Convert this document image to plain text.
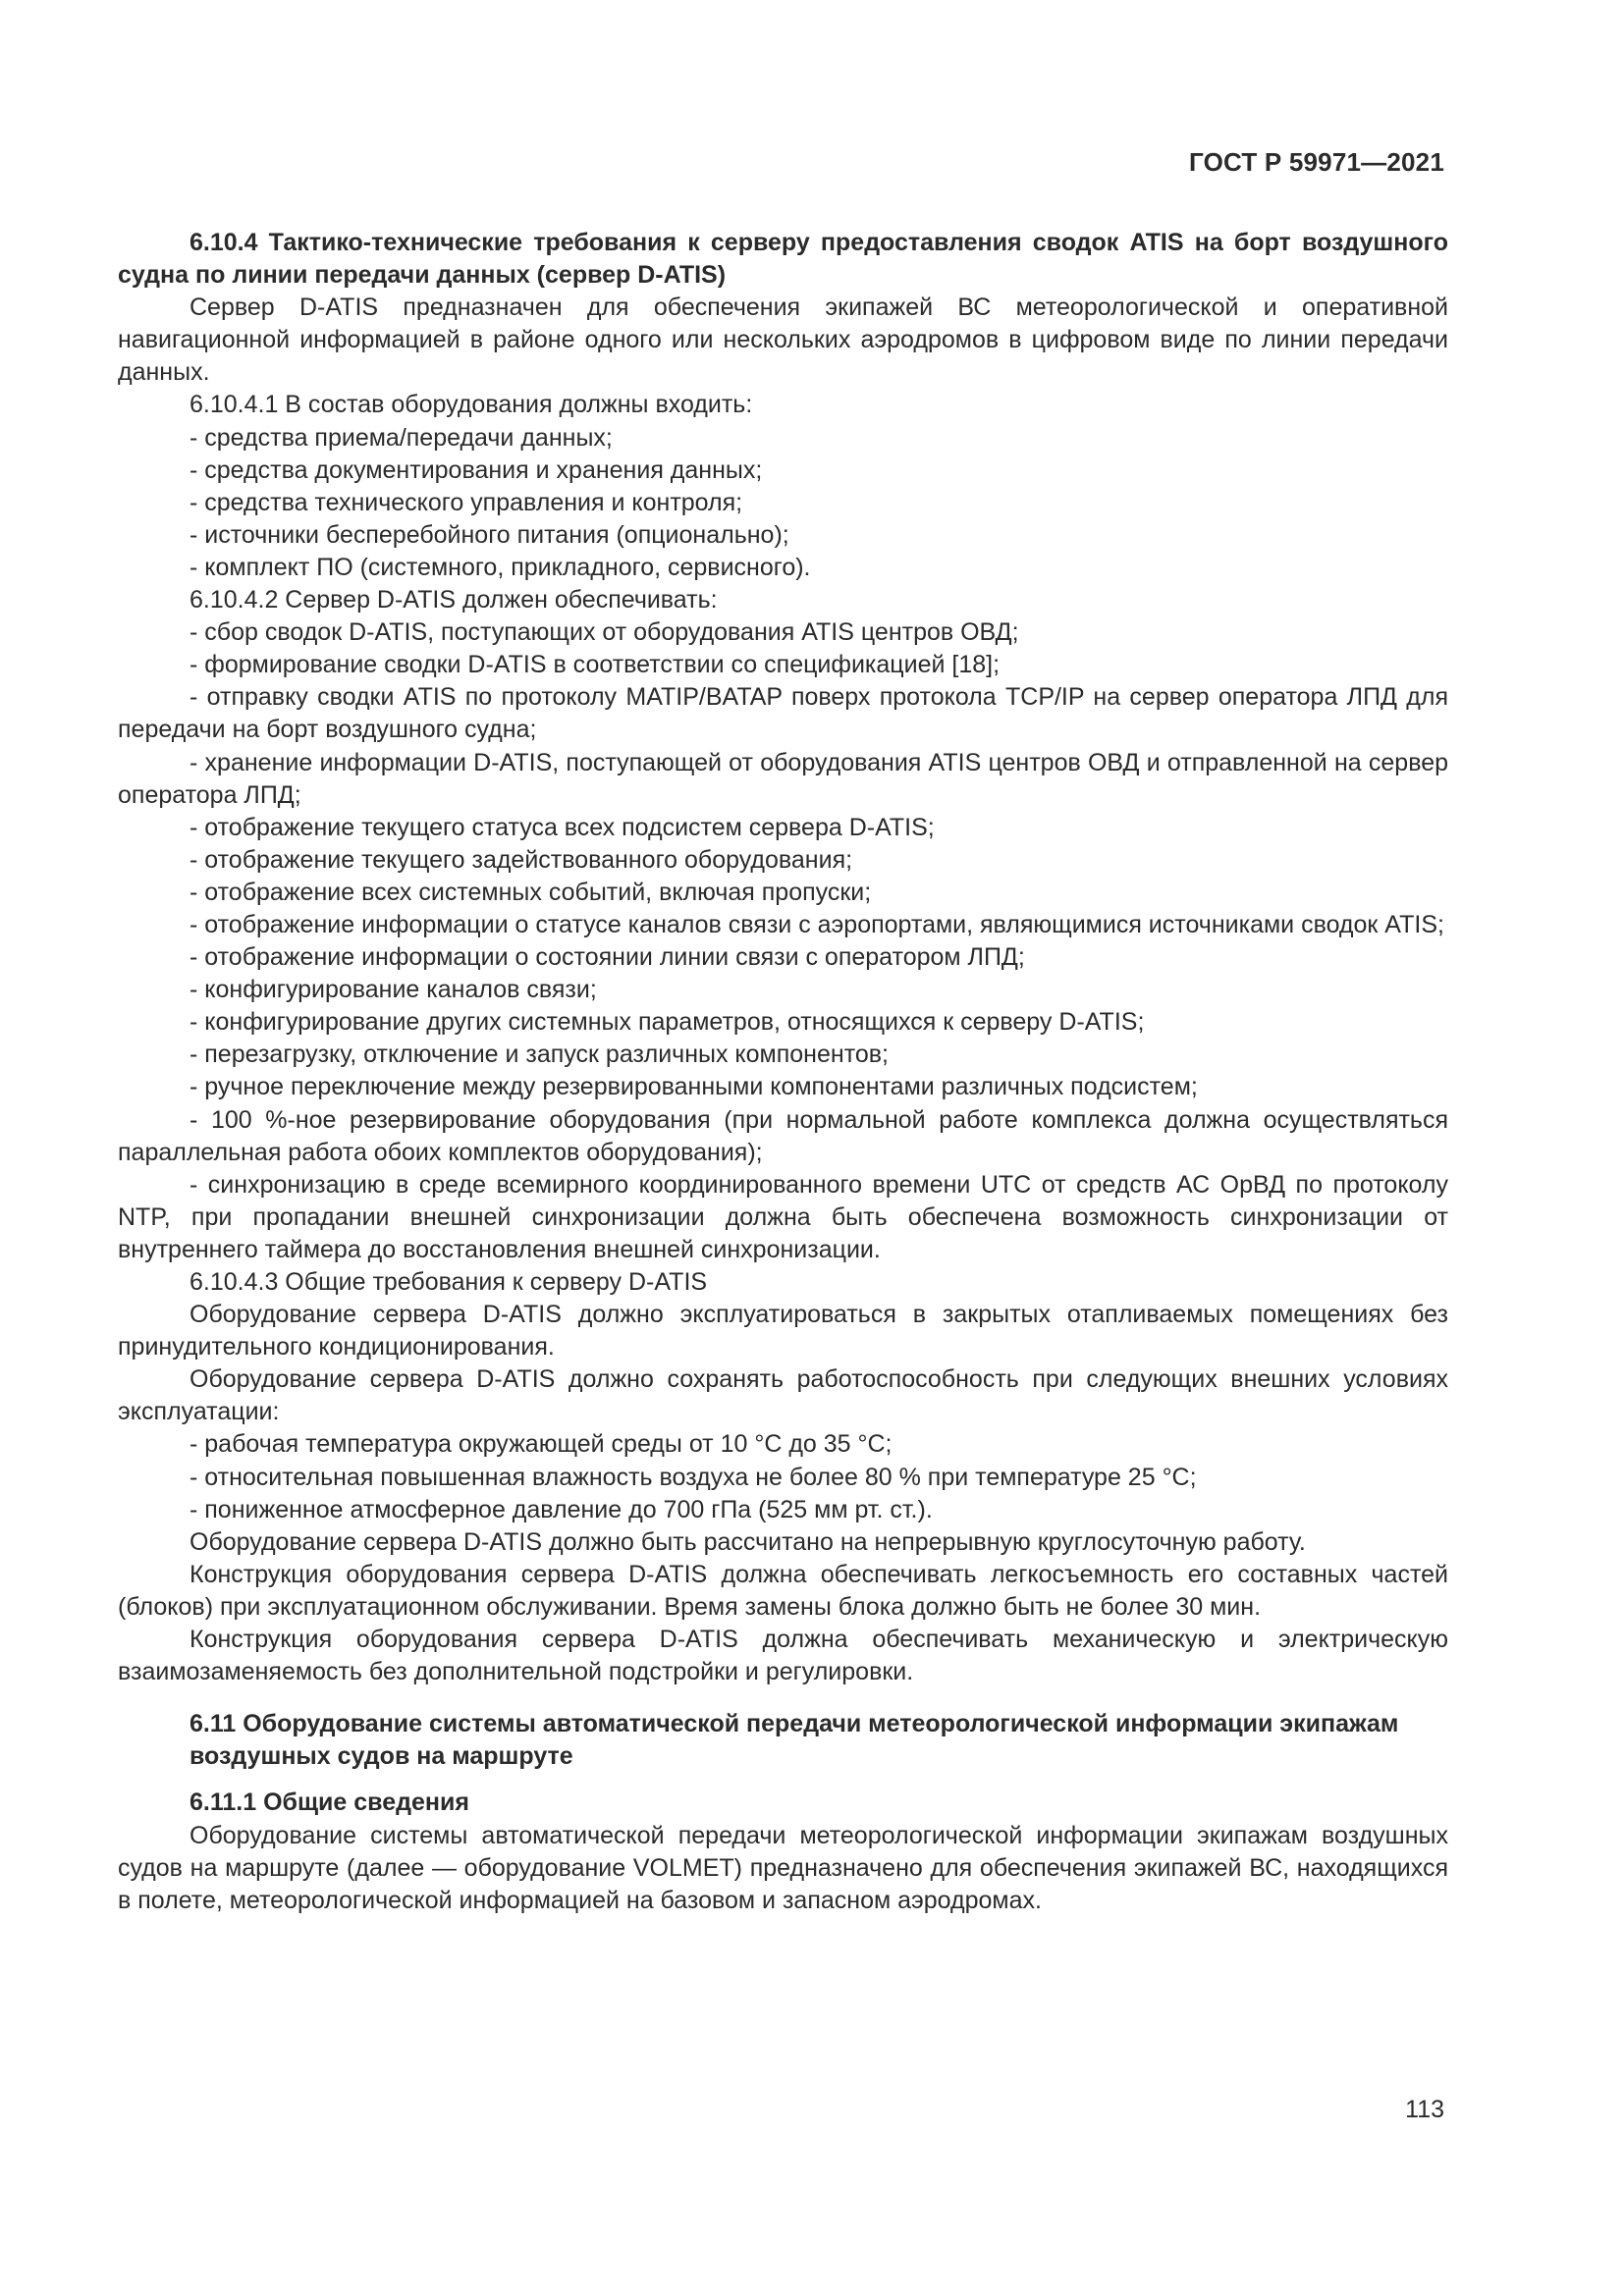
ГОСТ Р 59971—2021
6.10.4 Тактико-технические требования к серверу предоставления сводок ATIS на борт воздушного судна по линии передачи данных (сервер D-ATIS)

Сервер D-ATIS предназначен для обеспечения экипажей ВС метеорологической и оперативной навигационной информацией в районе одного или нескольких аэродромов в цифровом виде по линии передачи данных.

6.10.4.1 В состав оборудования должны входить:

- средства приема/передачи данных;

- средства документирования и хранения данных;

- средства технического управления и контроля;

- источники бесперебойного питания (опционально);

- комплект ПО (системного, прикладного, сервисного).

6.10.4.2 Сервер D-ATIS должен обеспечивать:

- сбор сводок D-ATIS, поступающих от оборудования ATIS центров ОВД;

- формирование сводки D-ATIS в соответствии со спецификацией [18];

- отправку сводки ATIS по протоколу MATIP/BATAP поверх протокола TCP/IP на сервер оператора ЛПД для передачи на борт воздушного судна;

- хранение информации D-ATIS, поступающей от оборудования ATIS центров ОВД и отправленной на сервер оператора ЛПД;

- отображение текущего статуса всех подсистем сервера D-ATIS;

- отображение текущего задействованного оборудования;

- отображение всех системных событий, включая пропуски;

- отображение информации о статусе каналов связи с аэропортами, являющимися источниками сводок ATIS;

- отображение информации о состоянии линии связи с оператором ЛПД;

- конфигурирование каналов связи;

- конфигурирование других системных параметров, относящихся к серверу D-ATIS;

- перезагрузку, отключение и запуск различных компонентов;

- ручное переключение между резервированными компонентами различных подсистем;

- 100 %-ное резервирование оборудования (при нормальной работе комплекса должна осуществляться параллельная работа обоих комплектов оборудования);

- синхронизацию в среде всемирного координированного времени UTC от средств АС ОрВД по протоколу NTP, при пропадании внешней синхронизации должна быть обеспечена возможность синхронизации от внутреннего таймера до восстановления внешней синхронизации.

6.10.4.3 Общие требования к серверу D-ATIS

Оборудование сервера D-ATIS должно эксплуатироваться в закрытых отапливаемых помещениях без принудительного кондиционирования.

Оборудование сервера D-ATIS должно сохранять работоспособность при следующих внешних условиях эксплуатации:

- рабочая температура окружающей среды от 10 °C до 35 °C;

- относительная повышенная влажность воздуха не более 80 % при температуре 25 °C;

- пониженное атмосферное давление до 700 гПа (525 мм рт. ст.).

Оборудование сервера D-ATIS должно быть рассчитано на непрерывную круглосуточную работу.

Конструкция оборудования сервера D-ATIS должна обеспечивать легкосъемность его составных частей (блоков) при эксплуатационном обслуживании. Время замены блока должно быть не более 30 мин.

Конструкция оборудования сервера D-ATIS должна обеспечивать механическую и электрическую взаимозаменяемость без дополнительной подстройки и регулировки.

6.11 Оборудование системы автоматической передачи метеорологической информации экипажам воздушных судов на маршруте
6.11.1 Общие сведения

Оборудование системы автоматической передачи метеорологической информации экипажам воздушных судов на маршруте (далее — оборудование VOLMET) предназначено для обеспечения экипажей ВС, находящихся в полете, метеорологической информацией на базовом и запасном аэродромах.

113
